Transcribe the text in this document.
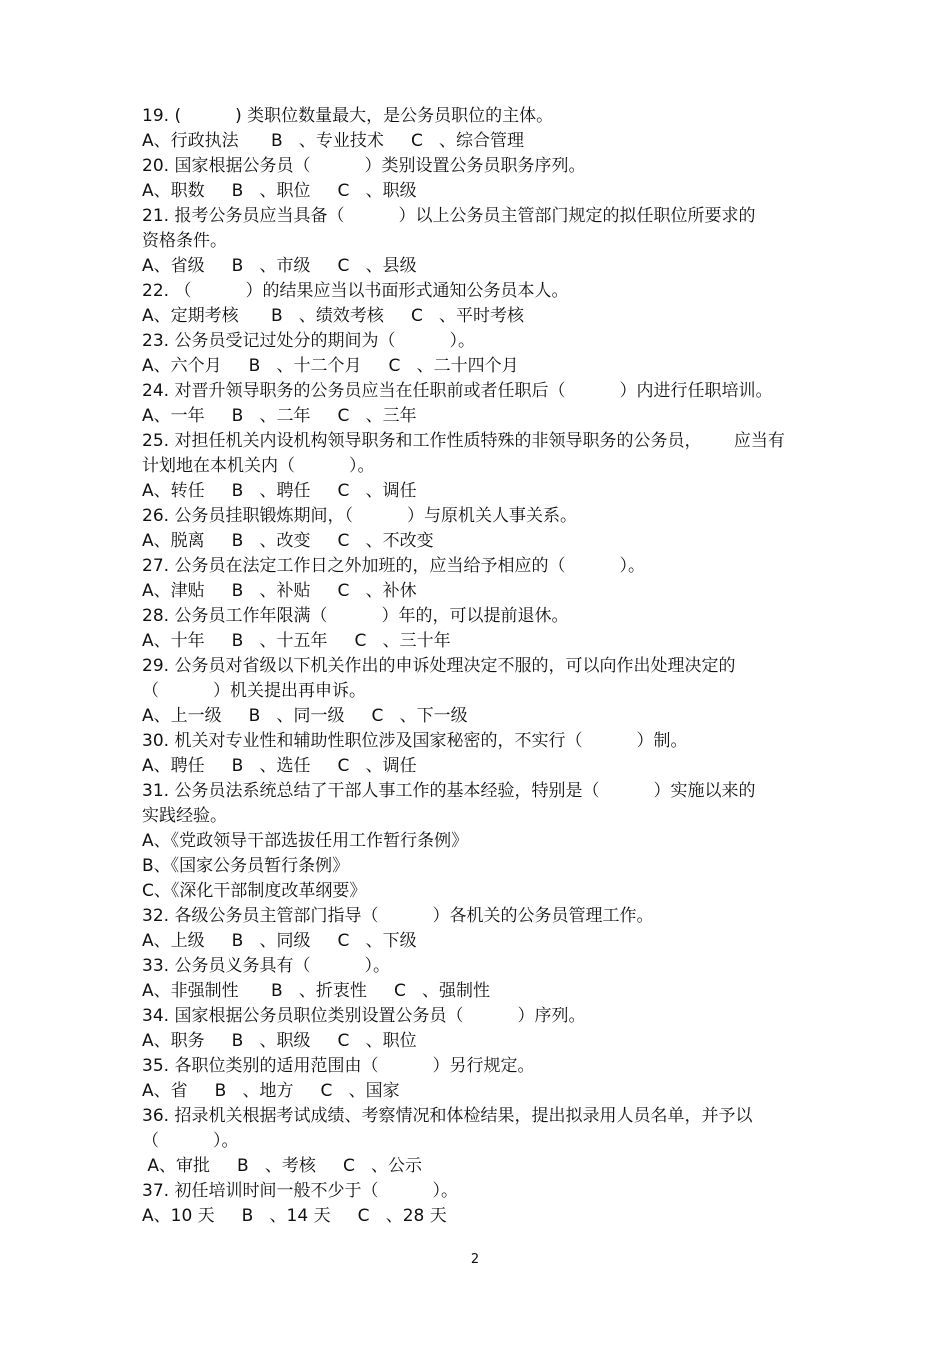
19. (          ) 类职位数量最大，是公务员职位的主体。
A、行政执法      B   、专业技术     C   、综合管理
20. 国家根据公务员（          ）类别设置公务员职务序列。
A、职数     B   、职位     C   、职级
21. 报考公务员应当具备（          ）以上公务员主管部门规定的拟任职位所要求的
资格条件。
A、省级     B   、市级     C   、县级
22. （          ）的结果应当以书面形式通知公务员本人。
A、定期考核      B   、绩效考核     C   、平时考核
23. 公务员受记过处分的期间为（          ）。
A、六个月     B   、十二个月     C   、二十四个月
24. 对晋升领导职务的公务员应当在任职前或者任职后（          ）内进行任职培训。
A、一年     B   、二年     C   、三年
25. 对担任机关内设机构领导职务和工作性质特殊的非领导职务的公务员，      应当有
计划地在本机关内（          ）。
A、转任     B   、聘任     C   、调任
26. 公务员挂职锻炼期间，（          ）与原机关人事关系。
A、脱离     B   、改变     C   、不改变
27. 公务员在法定工作日之外加班的，应当给予相应的（          ）。
A、津贴     B   、补贴     C   、补休
28. 公务员工作年限满（          ）年的，可以提前退休。
A、十年     B   、十五年     C   、三十年
29. 公务员对省级以下机关作出的申诉处理决定不服的，可以向作出处理决定的
（          ）机关提出再申诉。
A、上一级     B   、同一级     C   、下一级
30. 机关对专业性和辅助性职位涉及国家秘密的，不实行（          ）制。
A、聘任     B   、选任     C   、调任
31. 公务员法系统总结了干部人事工作的基本经验，特别是（          ）实施以来的
实践经验。
A、《党政领导干部选拔任用工作暂行条例》
B、《国家公务员暂行条例》
C、《深化干部制度改革纲要》
32. 各级公务员主管部门指导（          ）各机关的公务员管理工作。
A、上级     B   、同级     C   、下级
33. 公务员义务具有（          ）。
A、非强制性      B   、折衷性     C   、强制性
34. 国家根据公务员职位类别设置公务员（          ）序列。
A、职务     B   、职级     C   、职位
35. 各职位类别的适用范围由（          ）另行规定。
A、省     B   、地方     C   、国家
36. 招录机关根据考试成绩、考察情况和体检结果，提出拟录用人员名单，并予以
（          ）。
A、审批     B   、考核     C   、公示
37. 初任培训时间一般不少于（          ）。
A、10 天     B   、14 天     C   、28 天
2
